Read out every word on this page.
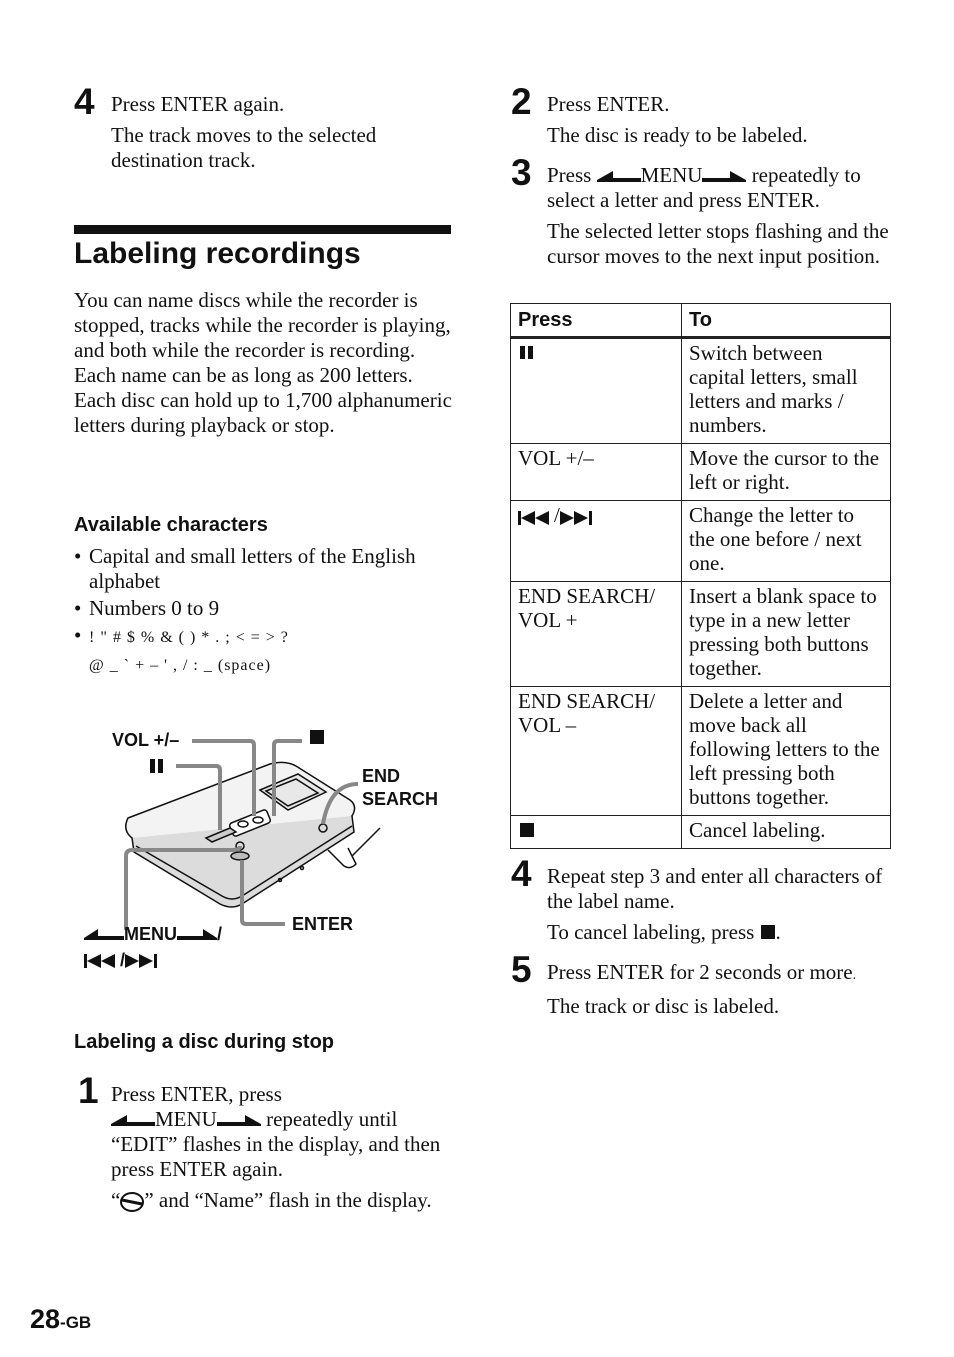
4 Press ENTER again.

The track moves to the selected destination track.

Labeling recordings

You can name discs while the recorder is stopped, tracks while the recorder is playing, and both while the recorder is recording. Each name can be as long as 200 letters.

Each disc can hold up to 1,700 alphanumeric letters during playback or stop.

Available characters
• Capital and small letters of the English alphabet
• Numbers 0 to 9
• ! " # $ % & ( ) * . ; < = > ?
@ _ ` + – ' , / : _ (space)
VOL +/–
END
SEARCH
ENTER
MENU /
/
Labeling a disc during stop
1 Press ENTER, press

MENU repeatedly until

“EDIT” flashes in the display, and then press ENTER again.

“ ” and “Name” flash in the display.

28-GB
2 Press ENTER.

The disc is ready to be labeled.

3 Press MENU repeatedly to

select a letter and press ENTER.

The selected letter stops flashing and the cursor moves to the next input position.

Press	To
	Switch between capital letters, small letters and marks / numbers.
VOL +/–	Move the cursor to the left or right.
/	Change the letter to the one before / next one.
END SEARCH/ VOL +	Insert a blank space to type in a new letter pressing both buttons together.
END SEARCH/ VOL –	Delete a letter and move back all following letters to the left pressing both buttons together.
	Cancel labeling.
4 Repeat step 3 and enter all characters of the label name.

To cancel labeling, press .

5 Press ENTER for 2 seconds or more.

The track or disc is labeled.
